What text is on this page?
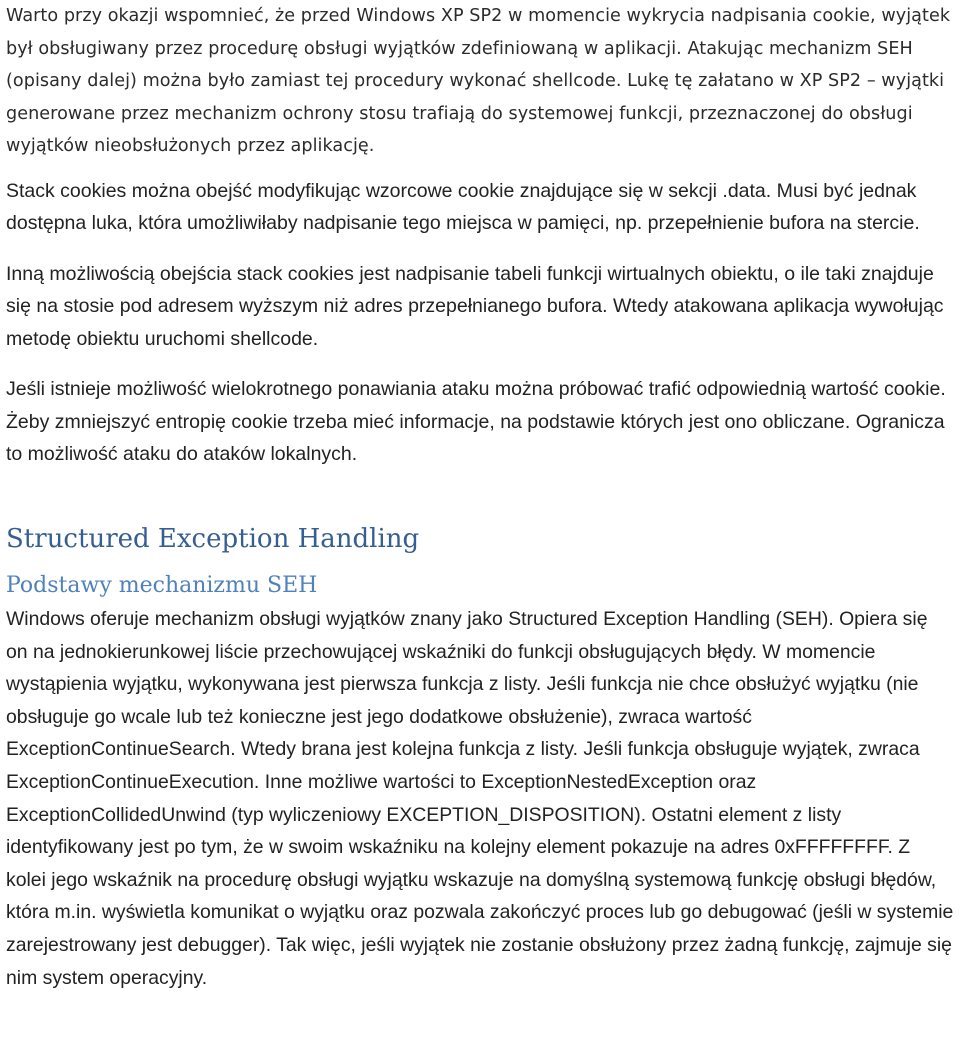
Warto przy okazji wspomnieć, że przed Windows XP SP2 w momencie wykrycia nadpisania cookie, wyjątek był obsługiwany przez procedurę obsługi wyjątków zdefiniowaną w aplikacji. Atakując mechanizm SEH (opisany dalej) można było zamiast tej procedury wykonać shellcode. Lukę tę załatano w XP SP2 – wyjątki generowane przez mechanizm ochrony stosu trafiają do systemowej funkcji, przeznaczonej do obsługi wyjątków nieobsłużonych przez aplikację.

Stack cookies można obejść modyfikując wzorcowe cookie znajdujące się w sekcji .data. Musi być jednak dostępna luka, która umożliwiłaby nadpisanie tego miejsca w pamięci, np. przepełnienie bufora na stercie.

Inną możliwością obejścia stack cookies jest nadpisanie tabeli funkcji wirtualnych obiektu, o ile taki znajduje się na stosie pod adresem wyższym niż adres przepełnianego bufora. Wtedy atakowana aplikacja wywołując metodę obiektu uruchomi shellcode.

Jeśli istnieje możliwość wielokrotnego ponawiania ataku można próbować trafić odpowiednią wartość cookie. Żeby zmniejszyć entropię cookie trzeba mieć informacje, na podstawie których jest ono obliczane. Ogranicza to możliwość ataku do ataków lokalnych.

Structured Exception Handling
Podstawy mechanizmu SEH

Windows oferuje mechanizm obsługi wyjątków znany jako Structured Exception Handling (SEH). Opiera się on na jednokierunkowej liście przechowującej wskaźniki do funkcji obsługujących błędy. W momencie wystąpienia wyjątku, wykonywana jest pierwsza funkcja z listy. Jeśli funkcja nie chce obsłużyć wyjątku (nie obsługuje go wcale lub też konieczne jest jego dodatkowe obsłużenie), zwraca wartość ExceptionContinueSearch. Wtedy brana jest kolejna funkcja z listy. Jeśli funkcja obsługuje wyjątek, zwraca ExceptionContinueExecution. Inne możliwe wartości to ExceptionNestedException oraz ExceptionCollidedUnwind (typ wyliczeniowy EXCEPTION_DISPOSITION). Ostatni element z listy identyfikowany jest po tym, że w swoim wskaźniku na kolejny element pokazuje na adres 0xFFFFFFFF. Z kolei jego wskaźnik na procedurę obsługi wyjątku wskazuje na domyślną systemową funkcję obsługi błędów, która m.in. wyświetla komunikat o wyjątku oraz pozwala zakończyć proces lub go debugować (jeśli w systemie zarejestrowany jest debugger). Tak więc, jeśli wyjątek nie zostanie obsłużony przez żadną funkcję, zajmuje się nim system operacyjny.
